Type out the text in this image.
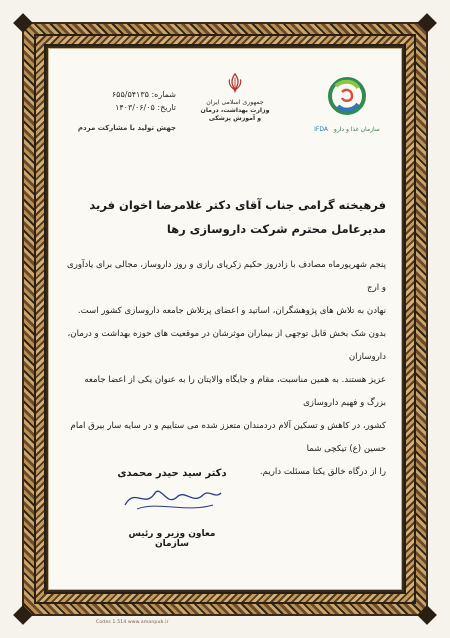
شماره: ۶۵۵/۵۴۱۳۵
تاریخ: ۱۴۰۳/۰۶/۰۵
جهش تولید با مشارکت مردم
جمهوری اسلامی ایران
وزارت بهداشت، درمان
و آموزش پزشکی
سازمان غذا و دارو IFDA
فرهیخته گرامی جناب آقای دکتر غلامرضا اخوان فرید
مدیرعامل محترم شرکت داروسازی رها

پنجم شهریورماه مصادف با زادروز حکیم زکریای رازی و روز داروساز، مجالی برای یادآوری و ارج

نهادن به تلاش های پژوهشگران، اساتید و اعضای پرتلاش جامعه داروسازی کشور است.

بدون شک بخش قابل توجهی از بیماران موثرشان در موقعیت های حوزه بهداشت و درمان، داروسازان

عزیز هستند. به همین مناسبت، مقام و جایگاه والایتان را به عنوان یکی از اعضا جامعه بزرگ و فهیم داروسازی

کشور، در کاهش و تسکین آلام دردمندان متعزز شده می ستاییم و در سایه سار بیرق امام حسین (ع) تیکچی شما

را از درگاه خالق یکتا مسئلت داریم.

دکتر سید حیدر محمدی
معاون وزیر و رئیس سازمان
Codes 1.514 www.amanpub.ir
